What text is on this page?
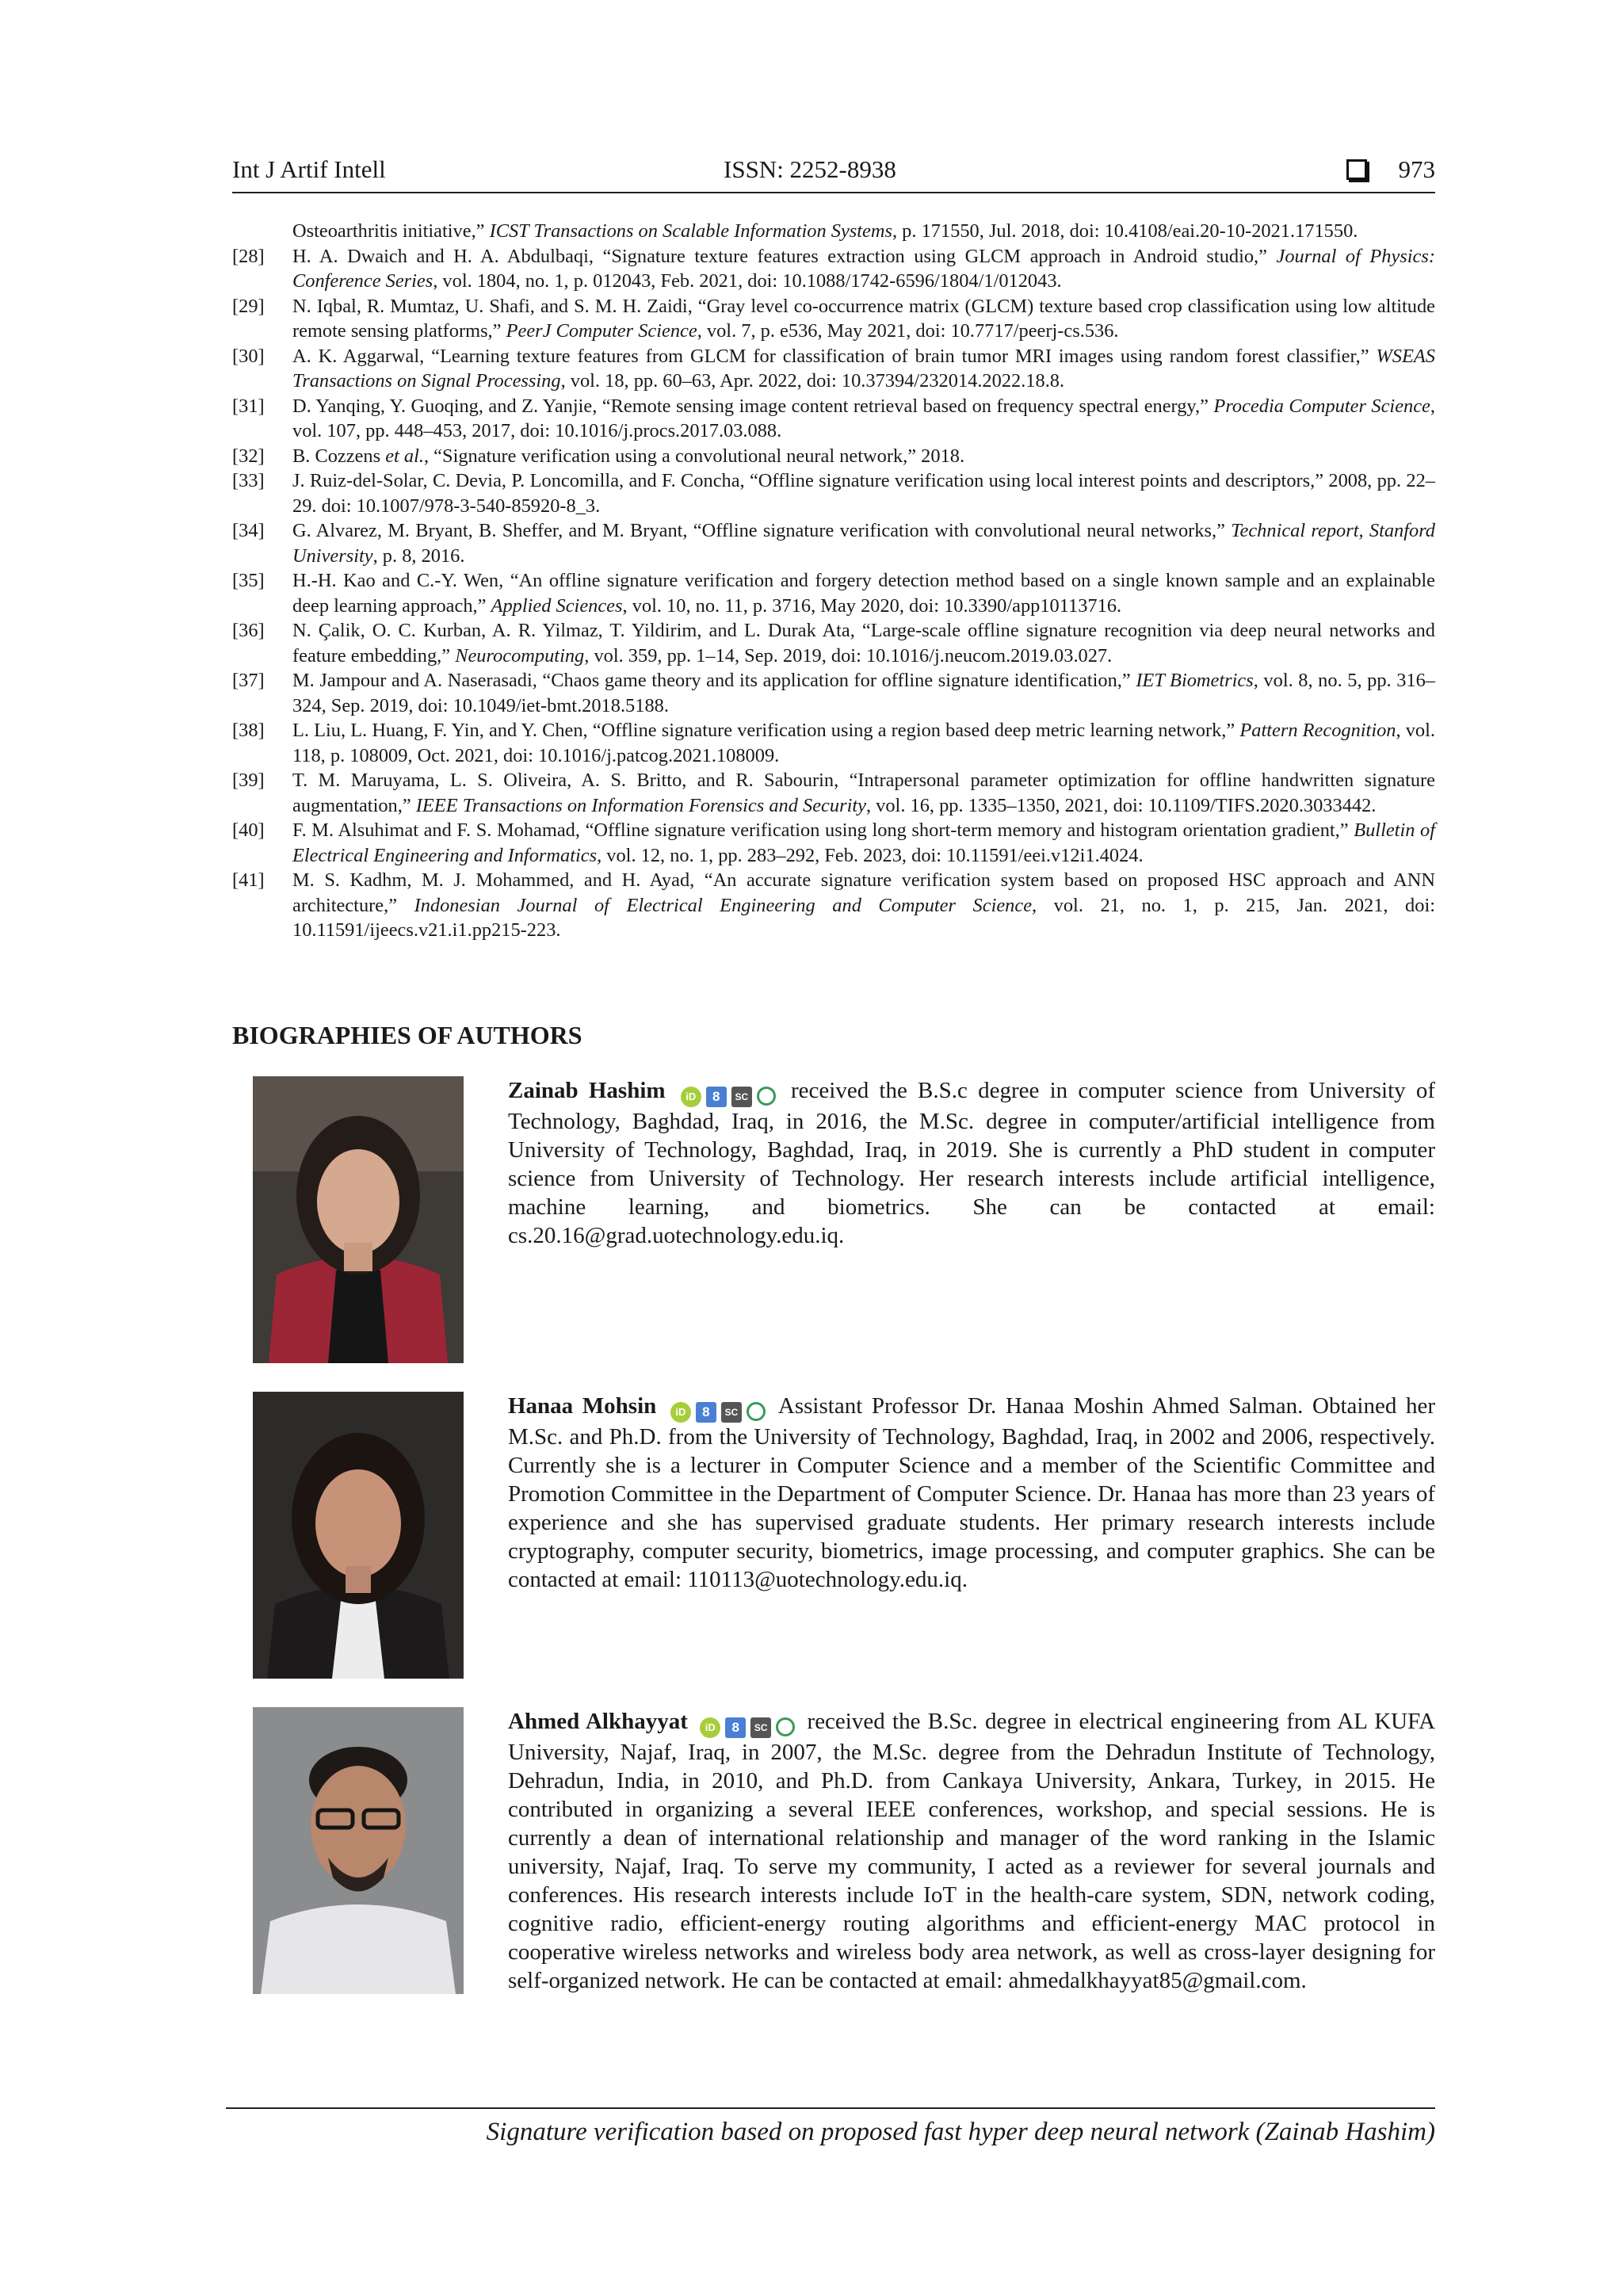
Int J Artif Intell	ISSN: 2252-8938	973
Osteoarthritis initiative,” ICST Transactions on Scalable Information Systems, p. 171550, Jul. 2018, doi: 10.4108/eai.20-10-2021.171550.
[28]	H. A. Dwaich and H. A. Abdulbaqi, “Signature texture features extraction using GLCM approach in Android studio,” Journal of Physics: Conference Series, vol. 1804, no. 1, p. 012043, Feb. 2021, doi: 10.1088/1742-6596/1804/1/012043.
[29]	N. Iqbal, R. Mumtaz, U. Shafi, and S. M. H. Zaidi, “Gray level co-occurrence matrix (GLCM) texture based crop classification using low altitude remote sensing platforms,” PeerJ Computer Science, vol. 7, p. e536, May 2021, doi: 10.7717/peerj-cs.536.
[30]	A. K. Aggarwal, “Learning texture features from GLCM for classification of brain tumor MRI images using random forest classifier,” WSEAS Transactions on Signal Processing, vol. 18, pp. 60–63, Apr. 2022, doi: 10.37394/232014.2022.18.8.
[31]	D. Yanqing, Y. Guoqing, and Z. Yanjie, “Remote sensing image content retrieval based on frequency spectral energy,” Procedia Computer Science, vol. 107, pp. 448–453, 2017, doi: 10.1016/j.procs.2017.03.088.
[32]	B. Cozzens et al., “Signature verification using a convolutional neural network,” 2018.
[33]	J. Ruiz-del-Solar, C. Devia, P. Loncomilla, and F. Concha, “Offline signature verification using local interest points and descriptors,” 2008, pp. 22–29. doi: 10.1007/978-3-540-85920-8_3.
[34]	G. Alvarez, M. Bryant, B. Sheffer, and M. Bryant, “Offline signature verification with convolutional neural networks,” Technical report, Stanford University, p. 8, 2016.
[35]	H.-H. Kao and C.-Y. Wen, “An offline signature verification and forgery detection method based on a single known sample and an explainable deep learning approach,” Applied Sciences, vol. 10, no. 11, p. 3716, May 2020, doi: 10.3390/app10113716.
[36]	N. Çalik, O. C. Kurban, A. R. Yilmaz, T. Yildirim, and L. Durak Ata, “Large-scale offline signature recognition via deep neural networks and feature embedding,” Neurocomputing, vol. 359, pp. 1–14, Sep. 2019, doi: 10.1016/j.neucom.2019.03.027.
[37]	M. Jampour and A. Naserasadi, “Chaos game theory and its application for offline signature identification,” IET Biometrics, vol. 8, no. 5, pp. 316–324, Sep. 2019, doi: 10.1049/iet-bmt.2018.5188.
[38]	L. Liu, L. Huang, F. Yin, and Y. Chen, “Offline signature verification using a region based deep metric learning network,” Pattern Recognition, vol. 118, p. 108009, Oct. 2021, doi: 10.1016/j.patcog.2021.108009.
[39]	T. M. Maruyama, L. S. Oliveira, A. S. Britto, and R. Sabourin, “Intrapersonal parameter optimization for offline handwritten signature augmentation,” IEEE Transactions on Information Forensics and Security, vol. 16, pp. 1335–1350, 2021, doi: 10.1109/TIFS.2020.3033442.
[40]	F. M. Alsuhimat and F. S. Mohamad, “Offline signature verification using long short-term memory and histogram orientation gradient,” Bulletin of Electrical Engineering and Informatics, vol. 12, no. 1, pp. 283–292, Feb. 2023, doi: 10.11591/eei.v12i1.4024.
[41]	M. S. Kadhm, M. J. Mohammed, and H. Ayad, “An accurate signature verification system based on proposed HSC approach and ANN architecture,” Indonesian Journal of Electrical Engineering and Computer Science, vol. 21, no. 1, p. 215, Jan. 2021, doi: 10.11591/ijeecs.v21.i1.pp215-223.
BIOGRAPHIES OF AUTHORS
Zainab Hashim	iD	8	SC received the B.S.c degree in computer science from University of Technology, Baghdad, Iraq, in 2016, the M.Sc. degree in computer/artificial intelligence from University of Technology, Baghdad, Iraq, in 2019. She is currently a PhD student in computer science from University of Technology. Her research interests include artificial intelligence, machine learning, and biometrics. She can be contacted at email: cs.20.16@grad.uotechnology.edu.iq.
Hanaa Mohsin	iD	8	SC Assistant Professor Dr. Hanaa Moshin Ahmed Salman. Obtained her M.Sc. and Ph.D. from the University of Technology, Baghdad, Iraq, in 2002 and 2006, respectively. Currently she is a lecturer in Computer Science and a member of the Scientific Committee and Promotion Committee in the Department of Computer Science. Dr. Hanaa has more than 23 years of experience and she has supervised graduate students. Her primary research interests include cryptography, computer security, biometrics, image processing, and computer graphics. She can be contacted at email: 110113@uotechnology.edu.iq.
Ahmed Alkhayyat	iD	8	SC received the B.Sc. degree in electrical engineering from AL KUFA University, Najaf, Iraq, in 2007, the M.Sc. degree from the Dehradun Institute of Technology, Dehradun, India, in 2010, and Ph.D. from Cankaya University, Ankara, Turkey, in 2015. He contributed in organizing a several IEEE conferences, workshop, and special sessions. He is currently a dean of international relationship and manager of the word ranking in the Islamic university, Najaf, Iraq. To serve my community, I acted as a reviewer for several journals and conferences. His research interests include IoT in the health-care system, SDN, network coding, cognitive radio, efficient-energy routing algorithms and efficient-energy MAC protocol in cooperative wireless networks and wireless body area network, as well as cross-layer designing for self-organized network. He can be contacted at email: ahmedalkhayyat85@gmail.com.
Signature verification based on proposed fast hyper deep neural network (Zainab Hashim)
